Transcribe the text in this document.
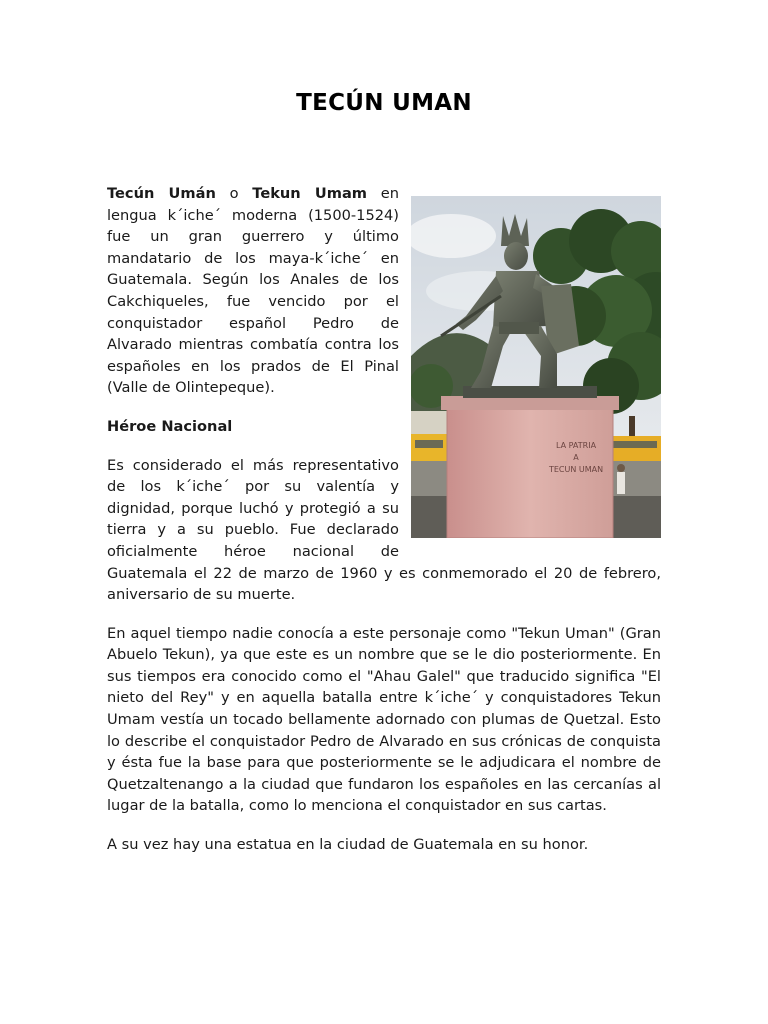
TECÚN UMAN
LA PATRIA
A
TECUN UMAN

Tecún Umán o Tekun Umam en lengua k´iche´ moderna (1500-1524) fue un gran guerrero y último mandatario de los maya-k´iche´ en Guatemala. Según los Anales de los Cakchiqueles, fue vencido por el conquistador español Pedro de Alvarado mientras combatía contra los españoles en los prados de El Pinal (Valle de Olintepeque).

Héroe Nacional

Es considerado el más representativo de los k´iche´ por su valentía y dignidad, porque luchó y protegió a su tierra y a su pueblo. Fue declarado oficialmente héroe nacional de Guatemala el 22 de marzo de 1960 y es conmemorado el 20 de febrero, aniversario de su muerte.

En aquel tiempo nadie conocía a este personaje como "Tekun Uman" (Gran Abuelo Tekun), ya que este es un nombre que se le dio posteriormente. En sus tiempos era conocido como el "Ahau Galel" que traducido significa "El nieto del Rey" y en aquella batalla entre k´iche´ y conquistadores Tekun Umam vestía un tocado bellamente adornado con plumas de Quetzal. Esto lo describe el conquistador Pedro de Alvarado en sus crónicas de conquista y ésta fue la base para que posteriormente se le adjudicara el nombre de Quetzaltenango a la ciudad que fundaron los españoles en las cercanías al lugar de la batalla, como lo menciona el conquistador en sus cartas.

A su vez hay una estatua en la ciudad de Guatemala en su honor.
